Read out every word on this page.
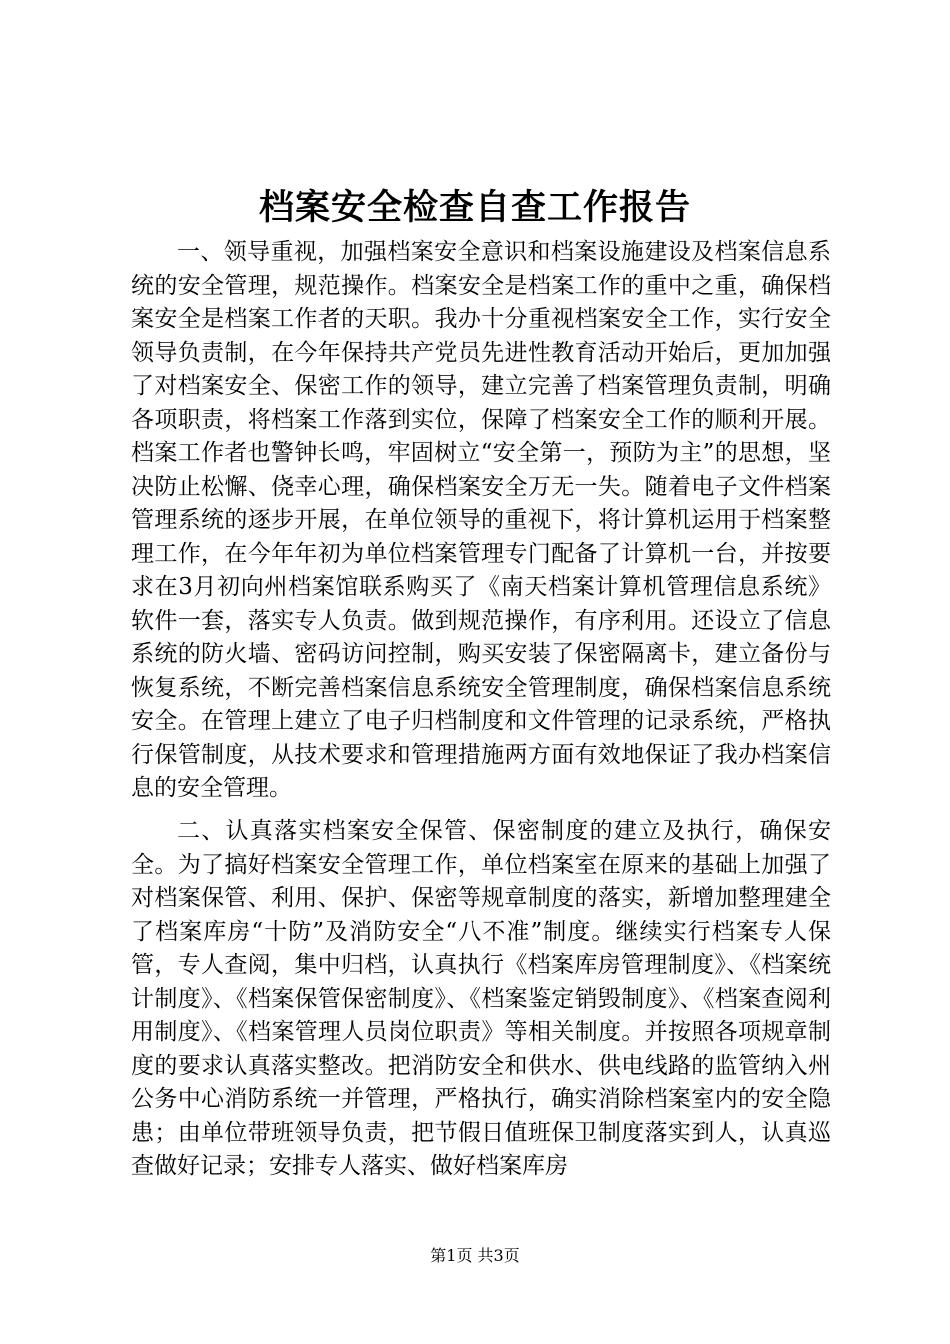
档案安全检查自查工作报告

一、领导重视，加强档案安全意识和档案设施建设及档案信息系统的安全管理，规范操作。档案安全是档案工作的重中之重，确保档案安全是档案工作者的天职。我办十分重视档案安全工作，实行安全领导负责制，在今年保持共产党员先进性教育活动开始后，更加加强了对档案安全、保密工作的领导，建立完善了档案管理负责制，明确各项职责，将档案工作落到实位，保障了档案安全工作的顺利开展。档案工作者也警钟长鸣，牢固树立“安全第一，预防为主”的思想，坚决防止松懈、侥幸心理，确保档案安全万无一失。随着电子文件档案管理系统的逐步开展，在单位领导的重视下，将计算机运用于档案整理工作，在今年年初为单位档案管理专门配备了计算机一台，并按要求在3月初向州档案馆联系购买了《南天档案计算机管理信息系统》软件一套，落实专人负责。做到规范操作，有序利用。还设立了信息系统的防火墙、密码访问控制，购买安装了保密隔离卡，建立备份与恢复系统，不断完善档案信息系统安全管理制度，确保档案信息系统安全。在管理上建立了电子归档制度和文件管理的记录系统，严格执行保管制度，从技术要求和管理措施两方面有效地保证了我办档案信息的安全管理。

二、认真落实档案安全保管、保密制度的建立及执行，确保安全。为了搞好档案安全管理工作，单位档案室在原来的基础上加强了对档案保管、利用、保护、保密等规章制度的落实，新增加整理建全了档案库房“十防”及消防安全“八不准”制度。继续实行档案专人保管，专人查阅，集中归档，认真执行《档案库房管理制度》、《档案统计制度》、《档案保管保密制度》、《档案鉴定销毁制度》、《档案查阅利用制度》、《档案管理人员岗位职责》等相关制度。并按照各项规章制度的要求认真落实整改。把消防安全和供水、供电线路的监管纳入州公务中心消防系统一并管理，严格执行，确实消除档案室内的安全隐患；由单位带班领导负责，把节假日值班保卫制度落实到人，认真巡查做好记录；安排专人落实、做好档案库房

第1页 共3页
